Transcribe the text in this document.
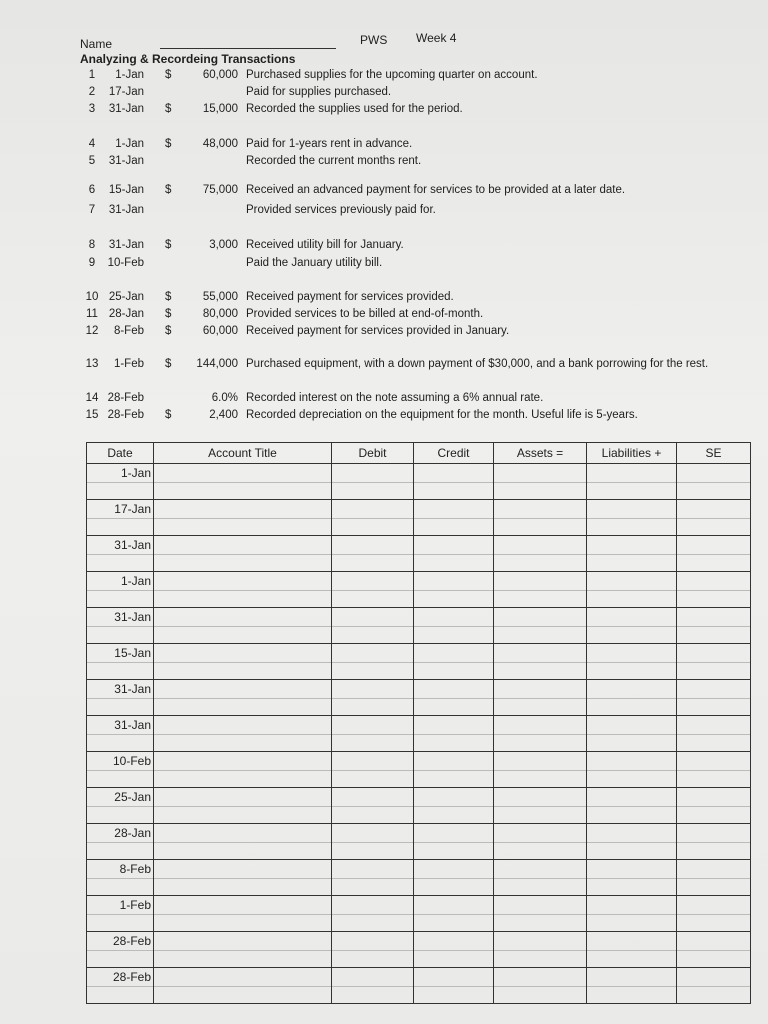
Name	PWS Week 4
Analyzing & Recordeing Transactions
1	1-Jan $	60,000 Purchased supplies for the upcoming quarter on account.
2	17-Jan	Paid for supplies purchased.
3	31-Jan $	15,000 Recorded the supplies used for the period.
4	1-Jan $	48,000 Paid for 1-years rent in advance.
5	31-Jan	Recorded the current months rent.
6	15-Jan $	75,000 Received an advanced payment for services to be provided at a later date.
7	31-Jan	Provided services previously paid for.
8	31-Jan $	3,000 Received utility bill for January.
9	10-Feb	Paid the January utility bill.
10 25-Jan $	55,000 Received payment for services provided.
11 28-Jan $	80,000 Provided services to be billed at end-of-month.
12	8-Feb $	60,000 Received payment for services provided in January.
13	1-Feb $	144,000 Purchased equipment, with a down payment of $30,000, and a bank porrowing for the rest.
14 28-Feb	6.0% Recorded interest on the note assuming a 6% annual rate.
15 28-Feb $	2,400 Recorded depreciation on the equipment for the month. Useful life is 5-years.
Date	Account Title	Debit	Credit	Assets =	Liabilities +	SE

1-Jan						

17-Jan						

31-Jan						

1-Jan						

31-Jan						

15-Jan						

31-Jan						

31-Jan						

10-Feb						

25-Jan						

28-Jan						

8-Feb						

1-Feb						

28-Feb						

28-Feb						
